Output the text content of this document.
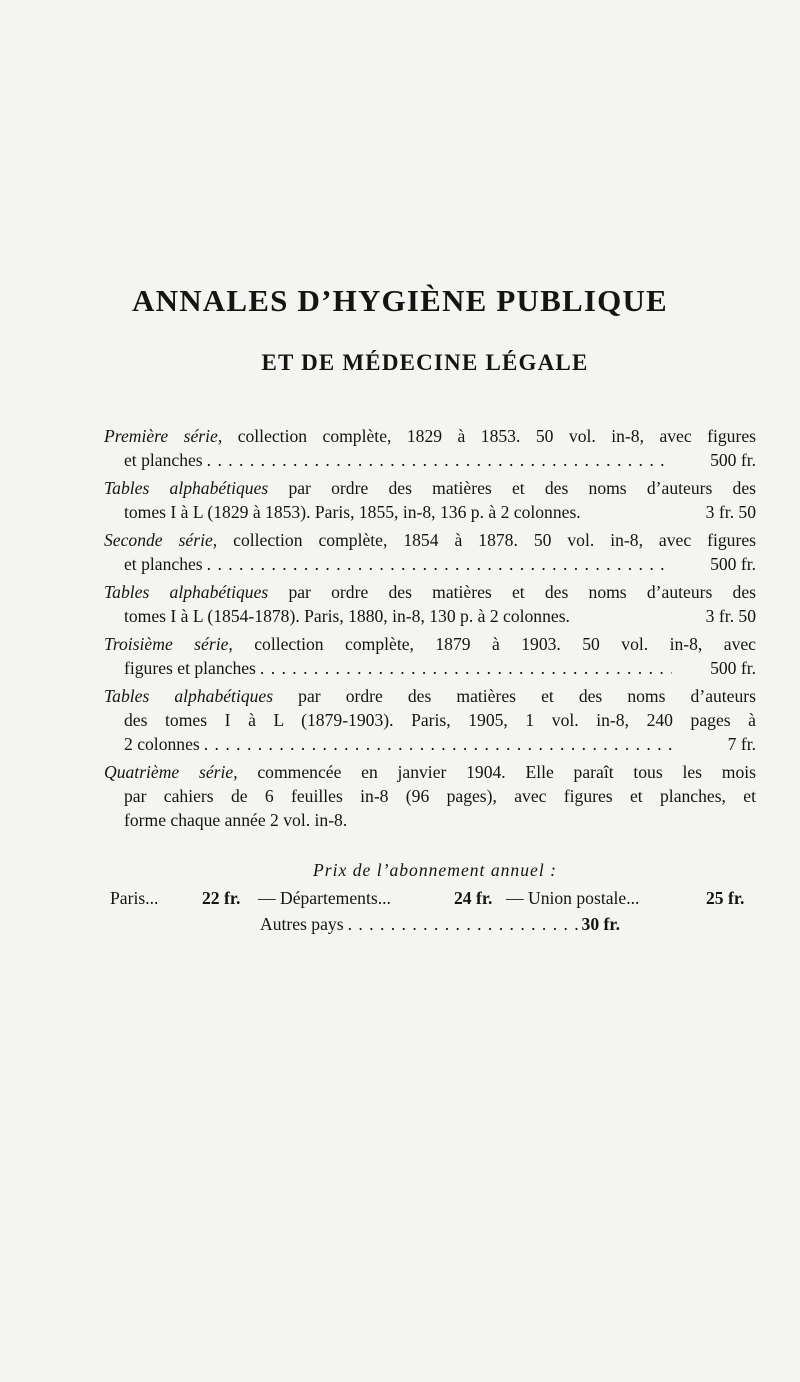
ANNALES D’HYGIÈNE PUBLIQUE
ET DE MÉDECINE LÉGALE
Première série, collection complète, 1829 à 1853. 50 vol. in-8, avec figures
et planches . . .	500 fr.
Tables alphabétiques par ordre des matières et des noms d’auteurs des
tomes I à L (1829 à 1853). Paris, 1855, in-8, 136 p. à 2 colonnes.	3 fr. 50
Seconde série, collection complète, 1854 à 1878. 50 vol. in-8, avec figures
et planches . . .	500 fr.
Tables alphabétiques par ordre des matières et des noms d’auteurs des
tomes I à L (1854-1878). Paris, 1880, in-8, 130 p. à 2 colonnes.	3 fr. 50
Troisième série, collection complète, 1879 à 1903. 50 vol. in-8, avec
figures et planches . . .	500 fr.
Tables alphabétiques par ordre des matières et des noms d’auteurs
des tomes I à L (1879-1903). Paris, 1905, 1 vol. in-8, 240 pages à
2 colonnes . . .	7 fr.
Quatrième série, commencée en janvier 1904. Elle paraît tous les mois
par cahiers de 6 feuilles in-8 (96 pages), avec figures et planches, et
forme chaque année 2 vol. in-8.
Prix de l’abonnement annuel :
Paris... 22 fr. — Départements...	24 fr. — Union postale...	25 fr.
Autres pays . . .	30 fr.
